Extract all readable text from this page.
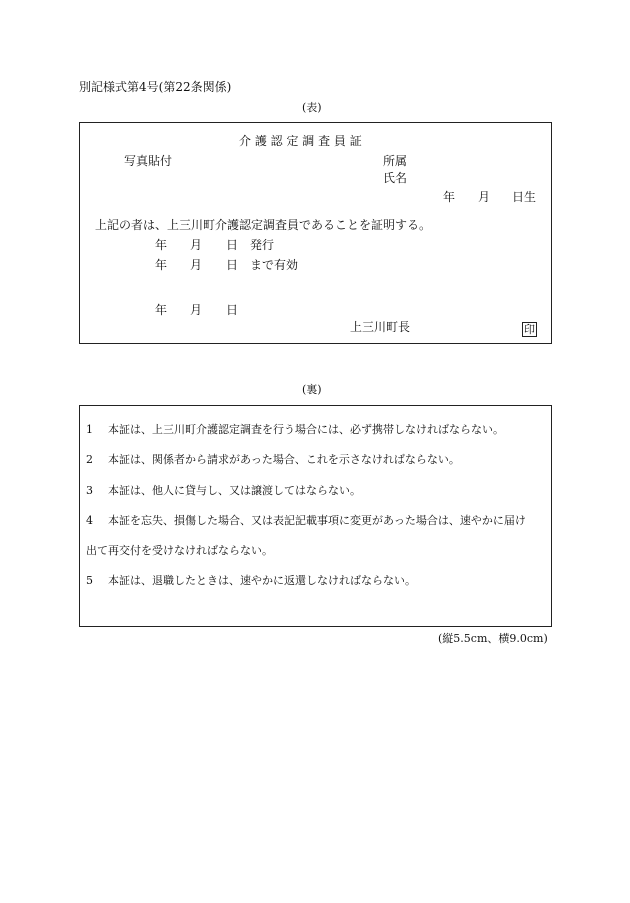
別記様式第4号(第22条関係)
(表)
介 護 認 定 調 査 員 証
写真貼付	所属
氏名
年 月 日生
上記の者は、上三川町介護認定調査員であることを証明する。
年 月 日 発行
年 月 日 まで有効
年 月 日
上三川町長	印
(裏)
1 本証は、上三川町介護認定調査を行う場合には、必ず携帯しなければならない。
2 本証は、関係者から請求があった場合、これを示さなければならない。
3 本証は、他人に貸与し、又は譲渡してはならない。
4 本証を忘失、損傷した場合、又は表記記載事項に変更があった場合は、速やかに届け
出て再交付を受けなければならない。
5 本証は、退職したときは、速やかに返還しなければならない。
(縦5.5cm、横9.0cm)
